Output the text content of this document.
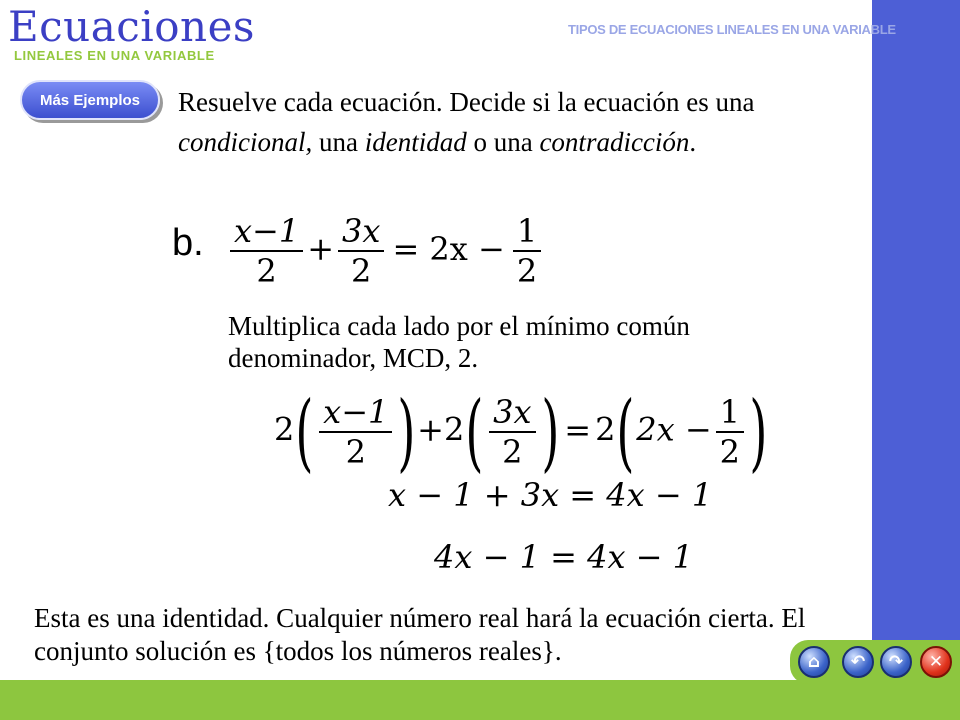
Ecuaciones
LINEALES EN UNA VARIABLE
TIPOS DE ECUACIONES LINEALES EN UNA VARIABLE
Más Ejemplos	Resuelve cada ecuación. Decide si la ecuación es una condicional, una identidad o una contradicción.
b. $\frac{x-1}{2} + \frac{3x}{2} = 2x - \frac{1}{2}$
Multiplica cada lado por el mínimo común denominador, MCD, 2.
$2( \frac{x-1}{2} )+2( \frac{3x}{2}$ ) = $2(2x - \frac{1}{2}$ )
x − 1 + 3x = 4x − 1
4x − 1 = 4x − 1
Esta es una identidad. Cualquier número real hará la ecuación cierta. El conjunto solución es {todos los números reales}.	⌂	↶	↷	✕
